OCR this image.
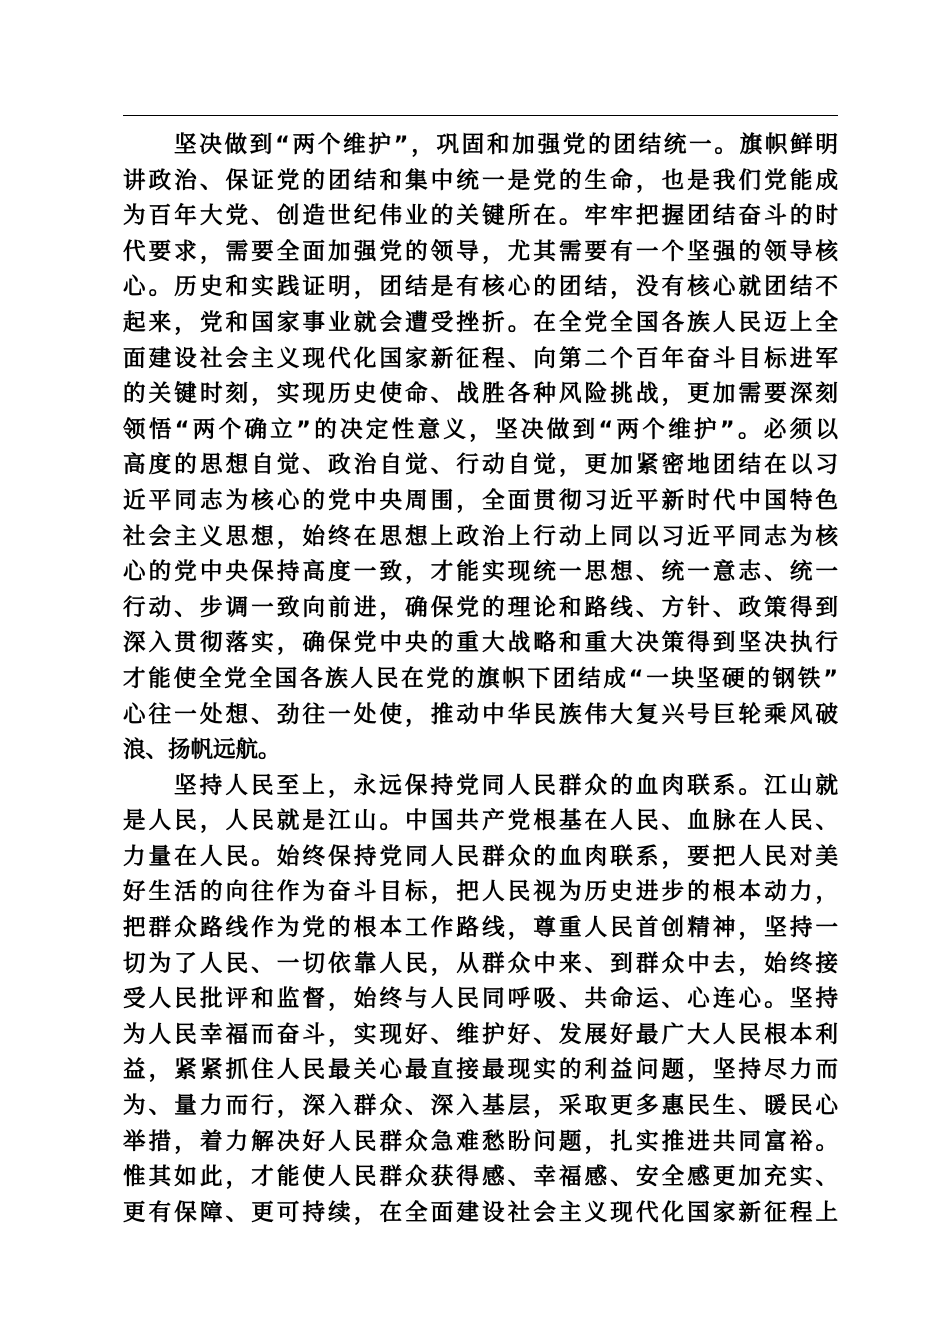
坚决做到“两个维护”，巩固和加强党的团结统一。旗帜鲜明
讲政治、保证党的团结和集中统一是党的生命，也是我们党能成
为百年大党、创造世纪伟业的关键所在。牢牢把握团结奋斗的时
代要求，需要全面加强党的领导，尤其需要有一个坚强的领导核
心。历史和实践证明，团结是有核心的团结，没有核心就团结不
起来，党和国家事业就会遭受挫折。在全党全国各族人民迈上全
面建设社会主义现代化国家新征程、向第二个百年奋斗目标进军
的关键时刻，实现历史使命、战胜各种风险挑战，更加需要深刻
领悟“两个确立”的决定性意义，坚决做到“两个维护”。必须以
高度的思想自觉、政治自觉、行动自觉，更加紧密地团结在以习
近平同志为核心的党中央周围，全面贯彻习近平新时代中国特色
社会主义思想，始终在思想上政治上行动上同以习近平同志为核
心的党中央保持高度一致，才能实现统一思想、统一意志、统一
行动、步调一致向前进，确保党的理论和路线、方针、政策得到
深入贯彻落实，确保党中央的重大战略和重大决策得到坚决执行
才能使全党全国各族人民在党的旗帜下团结成“一块坚硬的钢铁”
心往一处想、劲往一处使，推动中华民族伟大复兴号巨轮乘风破
浪、扬帆远航。
坚持人民至上，永远保持党同人民群众的血肉联系。江山就
是人民，人民就是江山。中国共产党根基在人民、血脉在人民、
力量在人民。始终保持党同人民群众的血肉联系，要把人民对美
好生活的向往作为奋斗目标，把人民视为历史进步的根本动力，
把群众路线作为党的根本工作路线，尊重人民首创精神，坚持一
切为了人民、一切依靠人民，从群众中来、到群众中去，始终接
受人民批评和监督，始终与人民同呼吸、共命运、心连心。坚持
为人民幸福而奋斗，实现好、维护好、发展好最广大人民根本利
益，紧紧抓住人民最关心最直接最现实的利益问题，坚持尽力而
为、量力而行，深入群众、深入基层，采取更多惠民生、暖民心
举措，着力解决好人民群众急难愁盼问题，扎实推进共同富裕。
惟其如此，才能使人民群众获得感、幸福感、安全感更加充实、
更有保障、更可持续，在全面建设社会主义现代化国家新征程上
